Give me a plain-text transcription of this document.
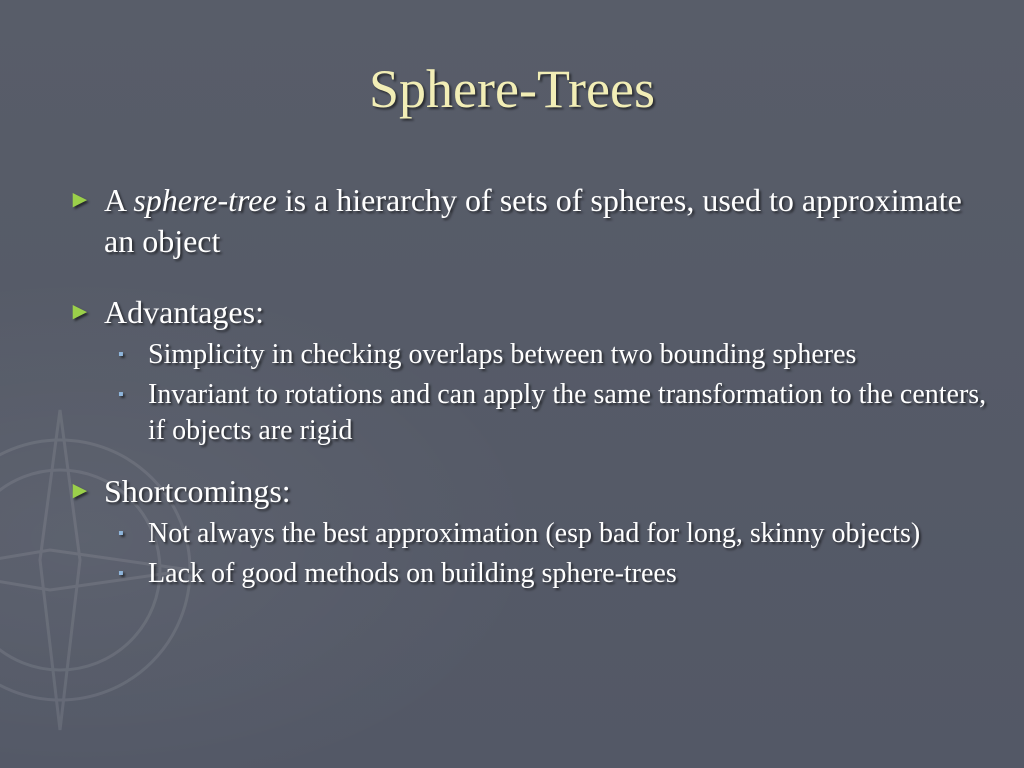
Sphere-Trees
► A sphere-tree is a hierarchy of sets of spheres, used to approximate an object
► Advantages:
▪ Simplicity in checking overlaps between two bounding spheres
▪ Invariant to rotations and can apply the same transformation to the centers, if objects are rigid
► Shortcomings:
▪ Not always the best approximation (esp bad for long, skinny objects)
▪ Lack of good methods on building sphere-trees
